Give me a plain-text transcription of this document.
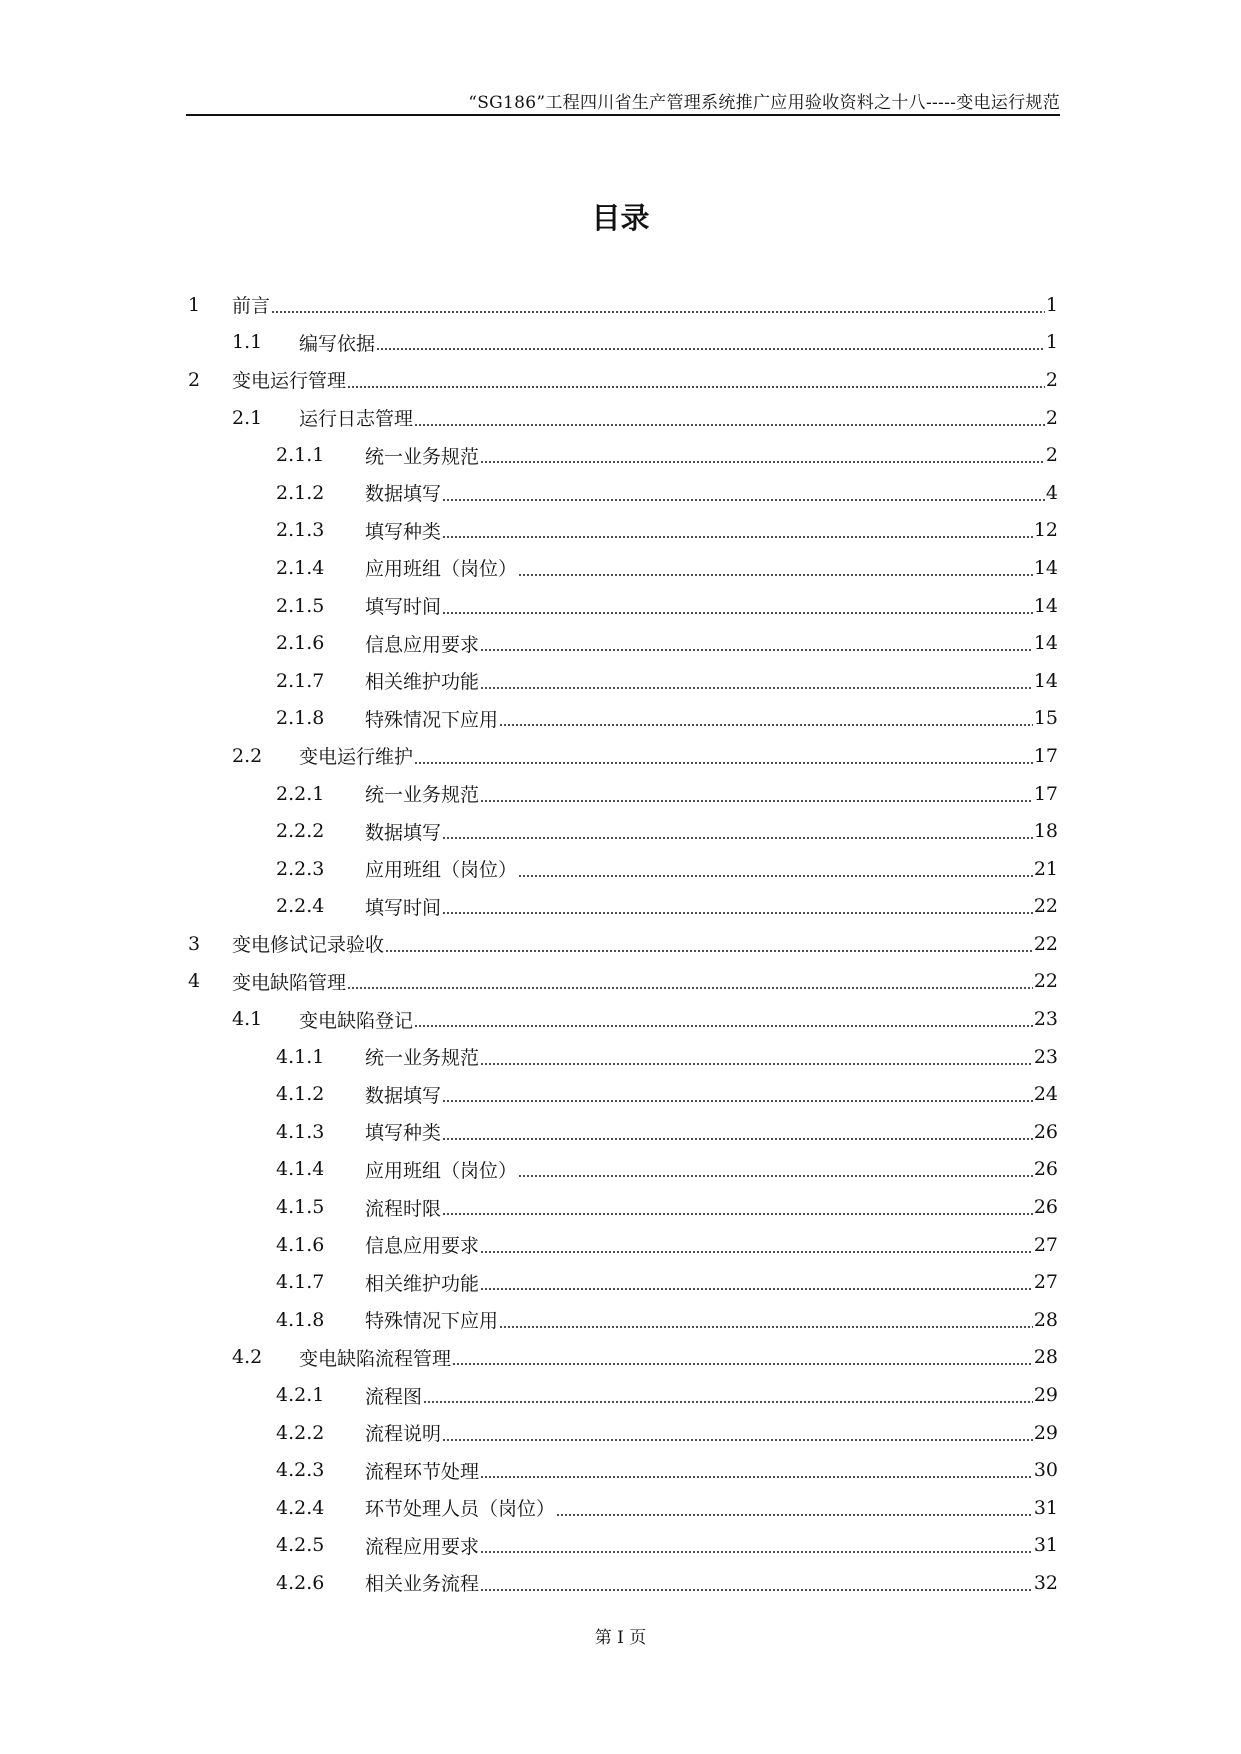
“SG186”工程四川省生产管理系统推广应用验收资料之十八-----变电运行规范
目录
1	前言	1
1.1	编写依据	1
2	变电运行管理	2
2.1	运行日志管理	2
2.1.1	统一业务规范	2
2.1.2	数据填写	4
2.1.3	填写种类	12
2.1.4	应用班组（岗位）	14
2.1.5	填写时间	14
2.1.6	信息应用要求	14
2.1.7	相关维护功能	14
2.1.8	特殊情况下应用	15
2.2	变电运行维护	17
2.2.1	统一业务规范	17
2.2.2	数据填写	18
2.2.3	应用班组（岗位）	21
2.2.4	填写时间	22
3	变电修试记录验收	22
4	变电缺陷管理	22
4.1	变电缺陷登记	23
4.1.1	统一业务规范	23
4.1.2	数据填写	24
4.1.3	填写种类	26
4.1.4	应用班组（岗位）	26
4.1.5	流程时限	26
4.1.6	信息应用要求	27
4.1.7	相关维护功能	27
4.1.8	特殊情况下应用	28
4.2	变电缺陷流程管理	28
4.2.1	流程图	29
4.2.2	流程说明	29
4.2.3	流程环节处理	30
4.2.4	环节处理人员（岗位）	31
4.2.5	流程应用要求	31
4.2.6	相关业务流程	32
第 I 页
